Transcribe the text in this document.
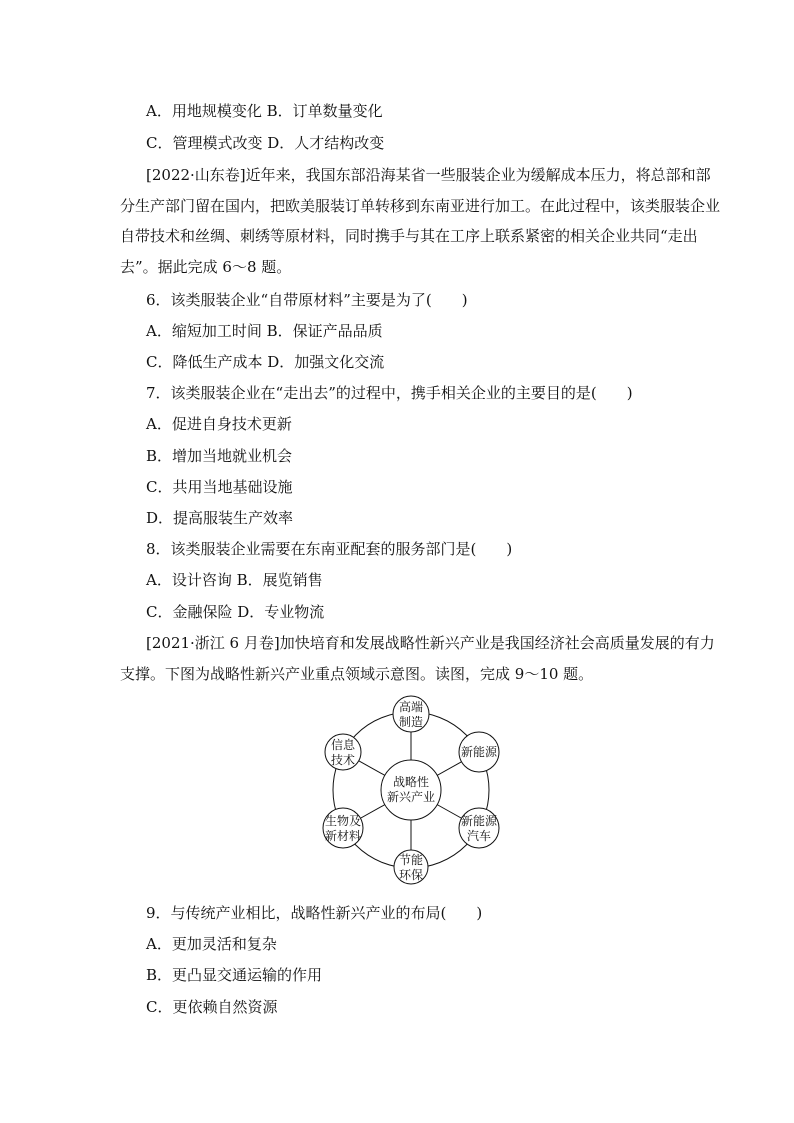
A．用地规模变化 B．订单数量变化
C．管理模式改变 D．人才结构改变
[2022·山东卷]近年来，我国东部沿海某省一些服装企业为缓解成本压力，将总部和部
分生产部门留在国内，把欧美服装订单转移到东南亚进行加工。在此过程中，该类服装企业
自带技术和丝绸、刺绣等原材料，同时携手与其在工序上联系紧密的相关企业共同“走出
去”。据此完成 6～8 题。
6．该类服装企业“自带原材料”主要是为了(　　)
A．缩短加工时间 B．保证产品品质
C．降低生产成本 D．加强文化交流
7．该类服装企业在“走出去”的过程中，携手相关企业的主要目的是(　　)
A．促进自身技术更新
B．增加当地就业机会
C．共用当地基础设施
D．提高服装生产效率
8．该类服装企业需要在东南亚配套的服务部门是(　　)
A．设计咨询 B．展览销售
C．金融保险 D．专业物流
[2021·浙江 6 月卷]加快培育和发展战略性新兴产业是我国经济社会高质量发展的有力
支撑。下图为战略性新兴产业重点领域示意图。读图，完成 9～10 题。
战略性
新兴产业
高端
制造
新能源
新能源
汽车
节能
环保
生物及
新材料
信息
技术
9．与传统产业相比，战略性新兴产业的布局(　　)
A．更加灵活和复杂
B．更凸显交通运输的作用
C．更依赖自然资源
